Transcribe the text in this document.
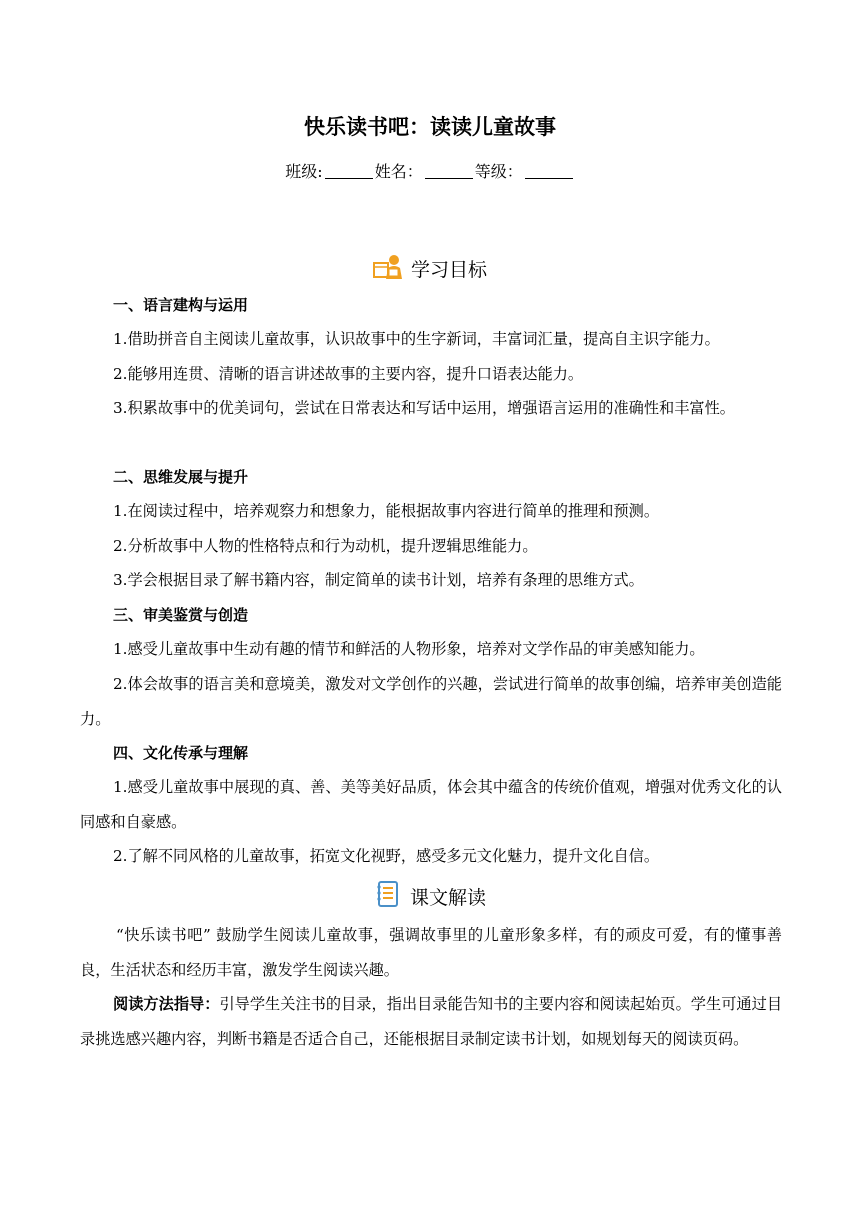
快乐读书吧：读读儿童故事
班级:	姓名：	等级：
学习目标
一、语言建构与运用

1.借助拼音自主阅读儿童故事，认识故事中的生字新词，丰富词汇量，提高自主识字能力。

2.能够用连贯、清晰的语言讲述故事的主要内容，提升口语表达能力。

3.积累故事中的优美词句，尝试在日常表达和写话中运用，增强语言运用的准确性和丰富性。

二、思维发展与提升

1.在阅读过程中，培养观察力和想象力，能根据故事内容进行简单的推理和预测。

2.分析故事中人物的性格特点和行为动机，提升逻辑思维能力。

3.学会根据目录了解书籍内容，制定简单的读书计划，培养有条理的思维方式。

三、审美鉴赏与创造

1.感受儿童故事中生动有趣的情节和鲜活的人物形象，培养对文学作品的审美感知能力。

2.体会故事的语言美和意境美，激发对文学创作的兴趣，尝试进行简单的故事创编，培养审美创造能力。

四、文化传承与理解

1.感受儿童故事中展现的真、善、美等美好品质，体会其中蕴含的传统价值观，增强对优秀文化的认同感和自豪感。

2.了解不同风格的儿童故事，拓宽文化视野，感受多元文化魅力，提升文化自信。

课文解读

“快乐读书吧” 鼓励学生阅读儿童故事，强调故事里的儿童形象多样，有的顽皮可爱，有的懂事善良，生活状态和经历丰富，激发学生阅读兴趣。

阅读方法指导：引导学生关注书的目录，指出目录能告知书的主要内容和阅读起始页。学生可通过目录挑选感兴趣内容，判断书籍是否适合自己，还能根据目录制定读书计划，如规划每天的阅读页码。
